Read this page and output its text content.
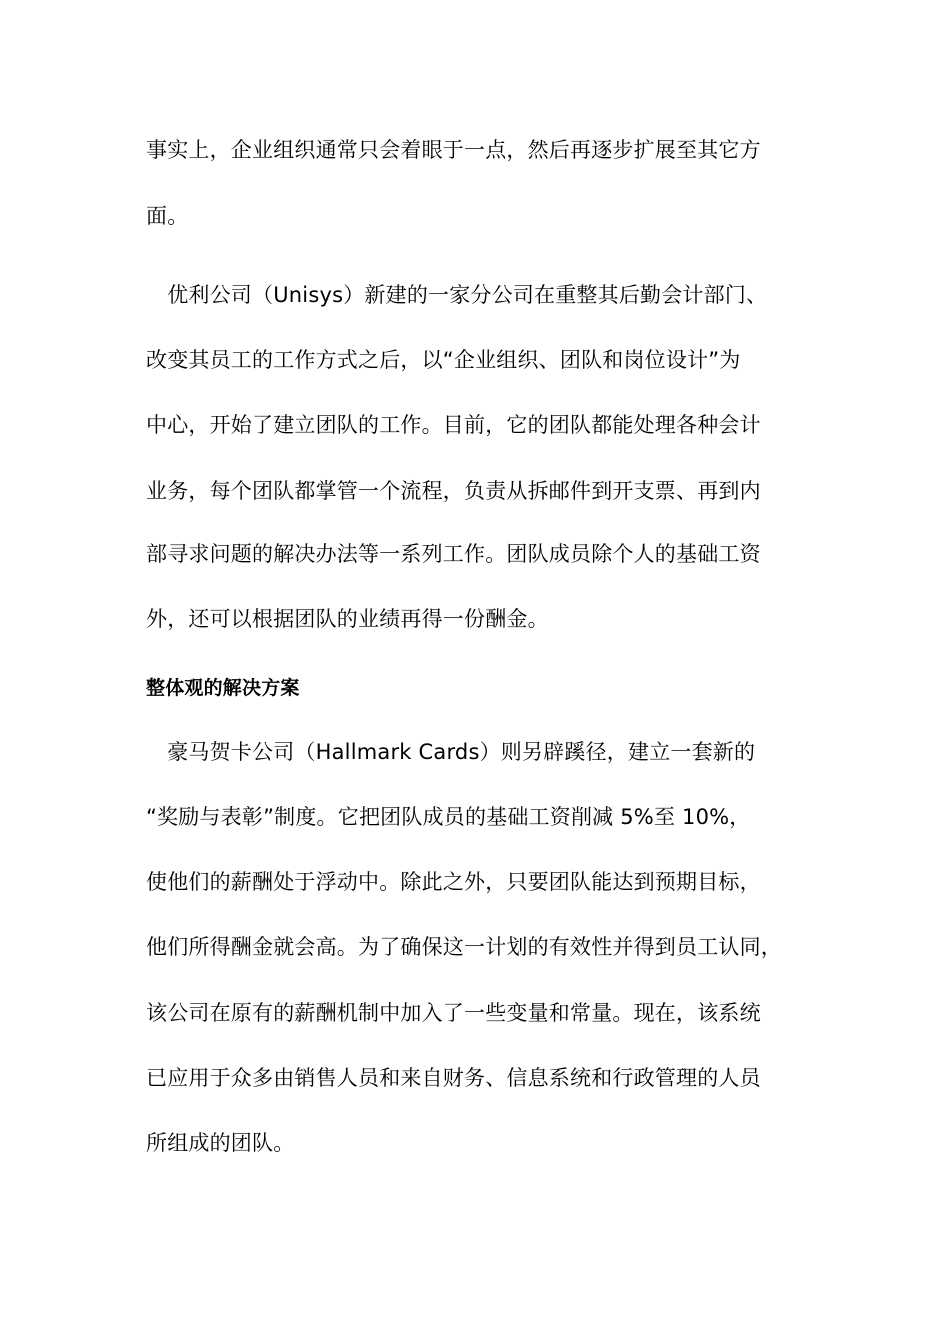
事实上，企业组织通常只会着眼于一点，然后再逐步扩展至其它方
面。
　优利公司（Unisys）新建的一家分公司在重整其后勤会计部门、
改变其员工的工作方式之后，以“企业组织、团队和岗位设计”为
中心，开始了建立团队的工作。目前，它的团队都能处理各种会计
业务，每个团队都掌管一个流程，负责从拆邮件到开支票、再到内
部寻求问题的解决办法等一系列工作。团队成员除个人的基础工资
外，还可以根据团队的业绩再得一份酬金。
整体观的解决方案
　豪马贺卡公司（Hallmark Cards）则另辟蹊径，建立一套新的
“奖励与表彰”制度。它把团队成员的基础工资削减 5%至 10%，
使他们的薪酬处于浮动中。除此之外，只要团队能达到预期目标，
他们所得酬金就会高。为了确保这一计划的有效性并得到员工认同，
该公司在原有的薪酬机制中加入了一些变量和常量。现在，该系统
已应用于众多由销售人员和来自财务、信息系统和行政管理的人员
所组成的团队。
